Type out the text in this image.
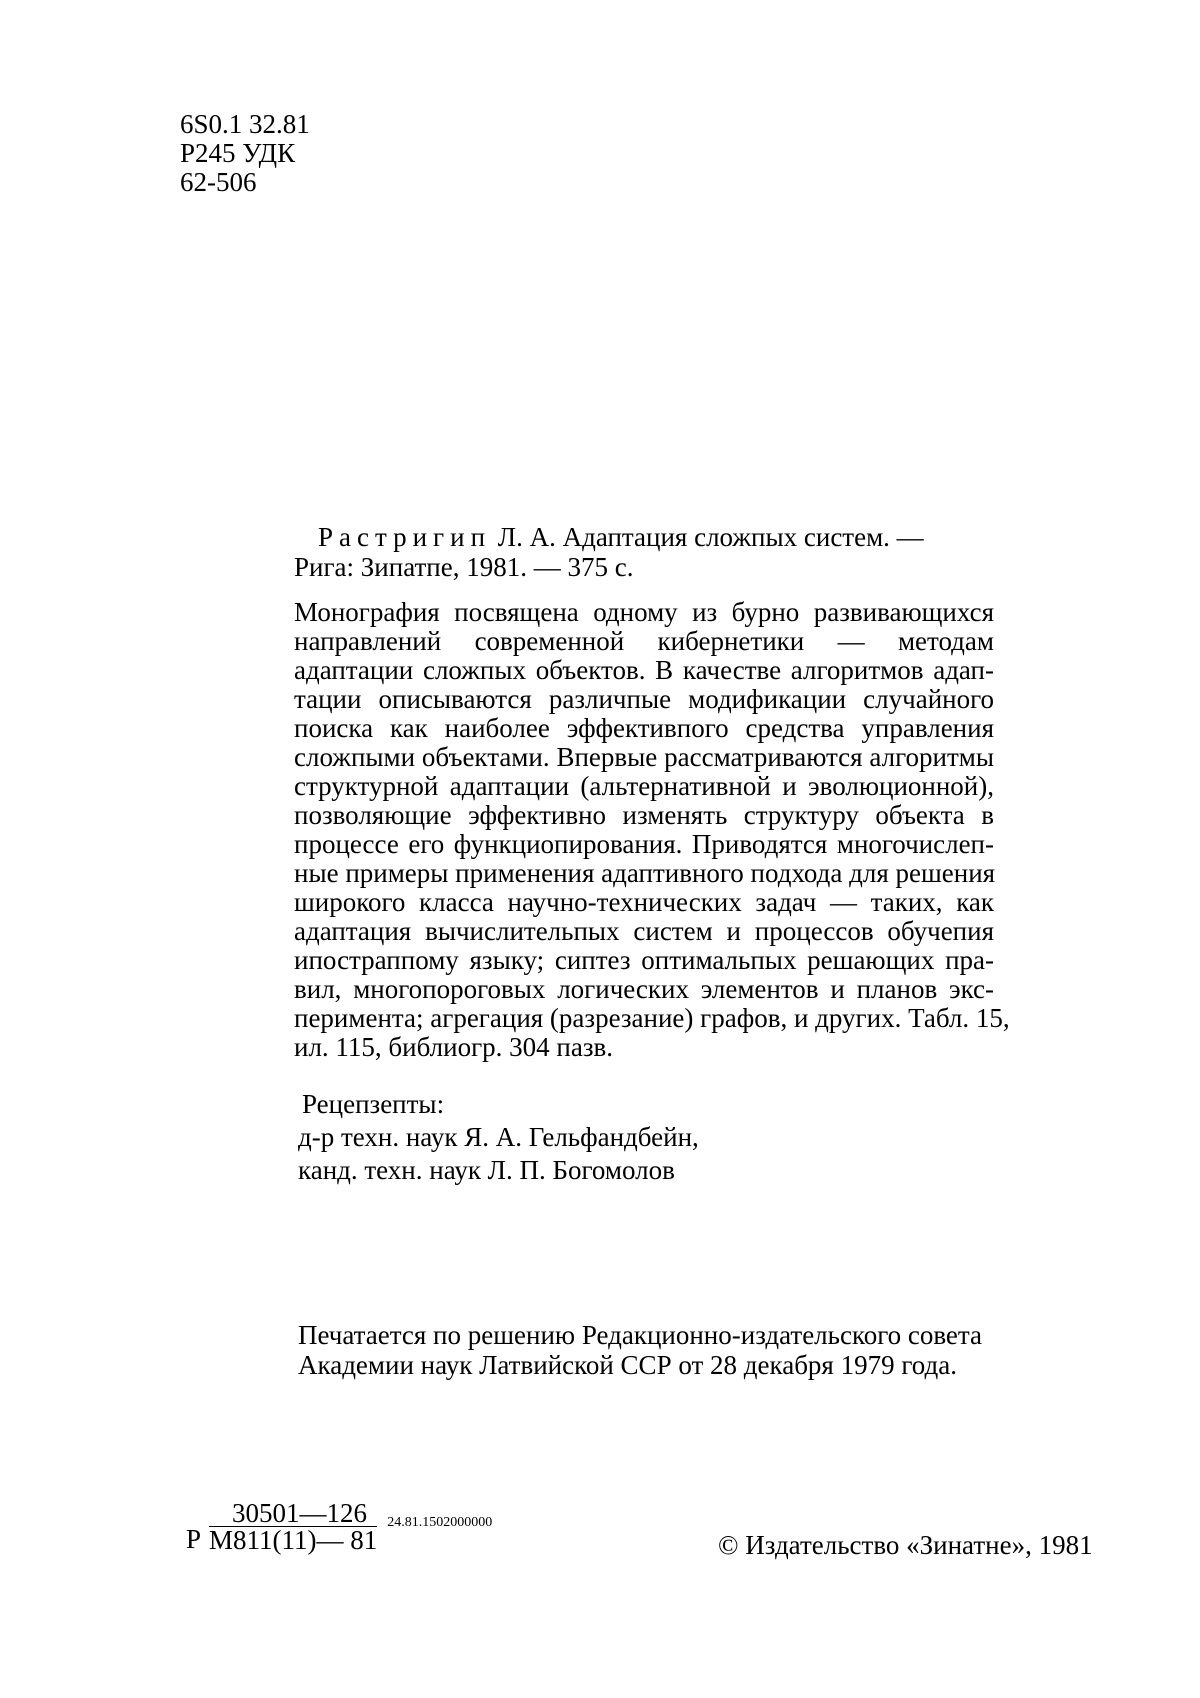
6S0.1 32.81
P245 УДК
62-506
Растригип Л. А. Адаптация сложпых систем. —
Рига: Зипатпе, 1981. — 375 с.
Монография посвящена одному из бурно развивающихся
направлений современной кибернетики — методам
адаптации сложпых объектов. В качестве алгоритмов адап-
тации описываются различпые модификации случайного
поиска как наиболее эффективпого средства управления
сложпыми объектами. Впервые рассматриваются алгоритмы
структурной адаптации (альтернативной и эволюционной),
позволяющие эффективно изменять структуру объекта в
процессе его функциопирования. Приводятся многочислеп-
ные примеры применения адаптивного подхода для решения
широкого класса научно-технических задач — таких, как
адаптация вычислительпых систем и процессов обучепия
ипостраппому языку; сиптез оптимальпых решающих пра-
вил, многопороговых логических элементов и планов экс-
перимента; агрегация (разрезание) графов, и других. Табл. 15,
ил. 115, библиогр. 304 пазв.
Рецепзепты:
д-р техн. наук Я. А. Гельфандбейн,
канд. техн. наук Л. П. Богомолов
Печатается по решению Редакционно-издательского совета
Академии наук Латвийской ССР от 28 декабря 1979 года.
30501—126
Р М811(11)— 81
24.81.1502000000
© Издательство «Зинатне», 1981
